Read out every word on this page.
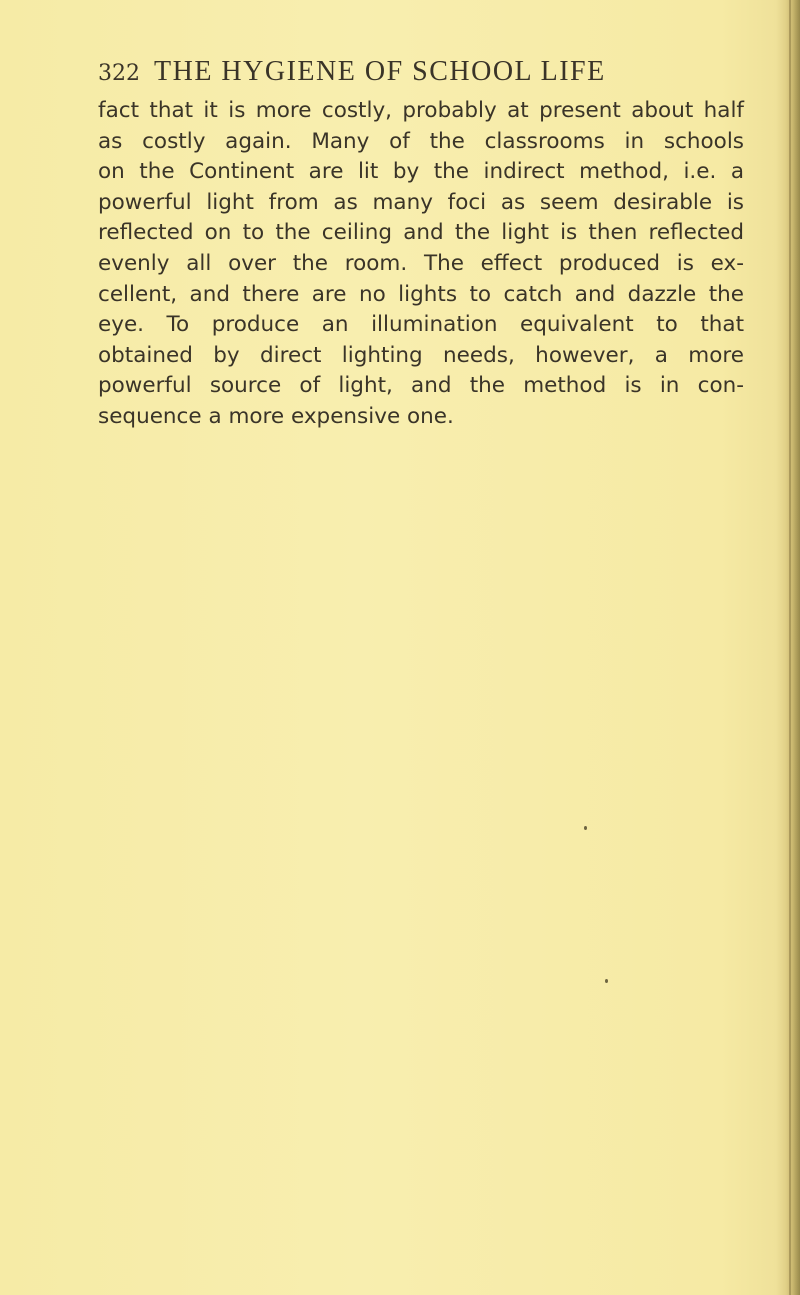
322 THE HYGIENE OF SCHOOL LIFE
fact that it is more costly, probably at present about half
as costly again. Many of the classrooms in schools
on the Continent are lit by the indirect method, i.e. a
powerful light from as many foci as seem desirable is
reflected on to the ceiling and the light is then reflected
evenly all over the room. The effect produced is ex-
cellent, and there are no lights to catch and dazzle the
eye. To produce an illumination equivalent to that
obtained by direct lighting needs, however, a more
powerful source of light, and the method is in con-
sequence a more expensive one.
